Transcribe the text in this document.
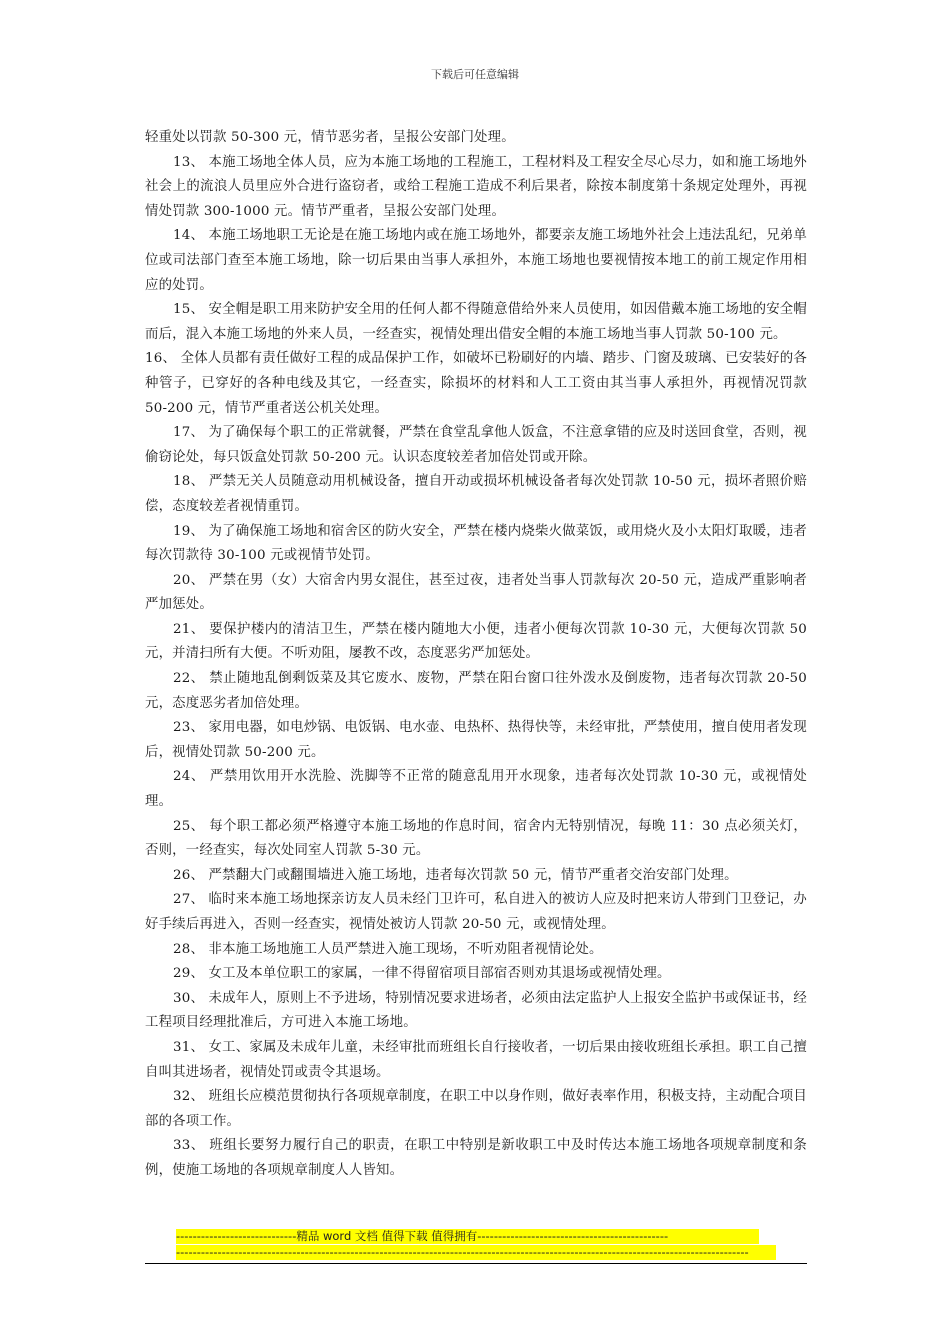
下载后可任意编辑

轻重处以罚款 50-300 元，情节恶劣者，呈报公安部门处理。

13、 本施工场地全体人员，应为本施工场地的工程施工，工程材料及工程安全尽心尽力，如和施工场地外社会上的流浪人员里应外合进行盗窃者，或给工程施工造成不利后果者，除按本制度第十条规定处理外，再视情处罚款 300-1000 元。情节严重者，呈报公安部门处理。

14、 本施工场地职工无论是在施工场地内或在施工场地外，都要亲友施工场地外社会上违法乱纪，兄弟单位或司法部门查至本施工场地，除一切后果由当事人承担外，本施工场地也要视情按本地工的前工规定作用相应的处罚。

15、 安全帽是职工用来防护安全用的任何人都不得随意借给外来人员使用，如因借戴本施工场地的安全帽而后，混入本施工场地的外来人员，一经查实，视情处理出借安全帽的本施工场地当事人罚款 50-100 元。

16、 全体人员都有责任做好工程的成品保护工作，如破坏已粉刷好的内墙、踏步、门窗及玻璃、已安装好的各种管子，已穿好的各种电线及其它，一经查实，除损坏的材料和人工工资由其当事人承担外，再视情况罚款 50-200 元，情节严重者送公机关处理。

17、 为了确保每个职工的正常就餐，严禁在食堂乱拿他人饭盒，不注意拿错的应及时送回食堂，否则，视偷窃论处，每只饭盒处罚款 50-200 元。认识态度较差者加倍处罚或开除。

18、 严禁无关人员随意动用机械设备，擅自开动或损坏机械设备者每次处罚款 10-50 元，损坏者照价赔偿，态度较差者视情重罚。

19、 为了确保施工场地和宿舍区的防火安全，严禁在楼内烧柴火做菜饭，或用烧火及小太阳灯取暖，违者每次罚款待 30-100 元或视情节处罚。

20、 严禁在男（女）大宿舍内男女混住，甚至过夜，违者处当事人罚款每次 20-50 元，造成严重影响者严加惩处。

21、 要保护楼内的清洁卫生，严禁在楼内随地大小便，违者小便每次罚款 10-30 元，大便每次罚款 50 元，并清扫所有大便。不听劝阻，屡教不改，态度恶劣严加惩处。

22、 禁止随地乱倒剩饭菜及其它废水、废物，严禁在阳台窗口往外泼水及倒废物，违者每次罚款 20-50 元，态度恶劣者加倍处理。

23、 家用电器，如电炒锅、电饭锅、电水壶、电热杯、热得快等，未经审批，严禁使用，擅自使用者发现后，视情处罚款 50-200 元。

24、 严禁用饮用开水洗脸、洗脚等不正常的随意乱用开水现象，违者每次处罚款 10-30 元，或视情处理。

25、 每个职工都必须严格遵守本施工场地的作息时间，宿舍内无特别情况，每晚 11：30 点必须关灯，否则，一经查实，每次处同室人罚款 5-30 元。

26、 严禁翻大门或翻围墙进入施工场地，违者每次罚款 50 元，情节严重者交治安部门处理。

27、 临时来本施工场地探亲访友人员未经门卫许可，私自进入的被访人应及时把来访人带到门卫登记，办好手续后再进入，否则一经查实，视情处被访人罚款 20-50 元，或视情处理。

28、 非本施工场地施工人员严禁进入施工现场，不听劝阻者视情论处。

29、 女工及本单位职工的家属，一律不得留宿项目部宿否则劝其退场或视情处理。

30、 未成年人，原则上不予进场，特别情况要求进场者，必须由法定监护人上报安全监护书或保证书，经工程项目经理批准后，方可进入本施工场地。

31、 女工、家属及未成年儿童，未经审批而班组长自行接收者，一切后果由接收班组长承担。职工自己擅自叫其进场者，视情处罚或责令其退场。

32、 班组长应模范贯彻执行各项规章制度，在职工中以身作则，做好表率作用，积极支持，主动配合项目部的各项工作。

33、 班组长要努力履行自己的职责，在职工中特别是新收职工中及时传达本施工场地各项规章制度和条例，使施工场地的各项规章制度人人皆知。

-----------------------------精品 word 文档 值得下载 值得拥有----------------------------------------------
------------------------------------------------------------------------------------------------------------------------------------------
